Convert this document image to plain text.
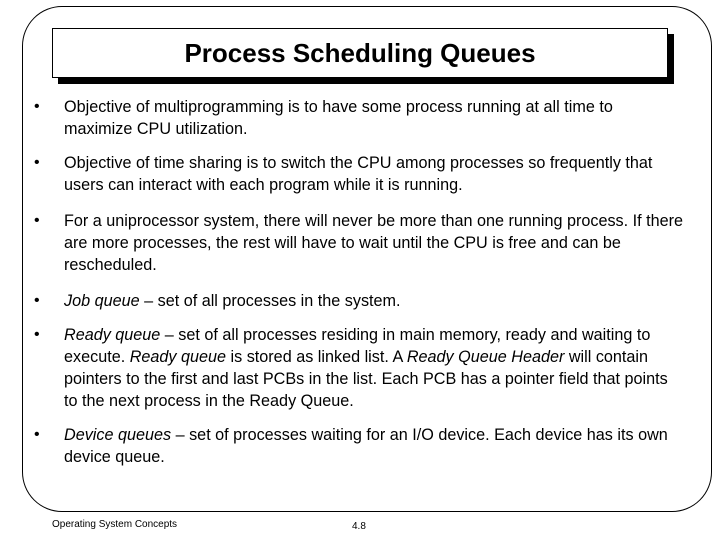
Process Scheduling Queues
• Objective of multiprogramming is to have some process running at all time to maximize CPU utilization.
• Objective of time sharing is to switch the CPU among processes so frequently that users can interact with each program while it is running.
• For a uniprocessor system, there will never be more than one running process. If there are more processes, the rest will have to wait until the CPU is free and can be rescheduled.
• Job queue – set of all processes in the system.
• Ready queue – set of all processes residing in main memory, ready and waiting to execute. Ready queue is stored as linked list. A Ready Queue Header will contain pointers to the first and last PCBs in the list. Each PCB has a pointer field that points to the next process in the Ready Queue.
• Device queues – set of processes waiting for an I/O device. Each device has its own device queue.
Operating System Concepts	4.8
